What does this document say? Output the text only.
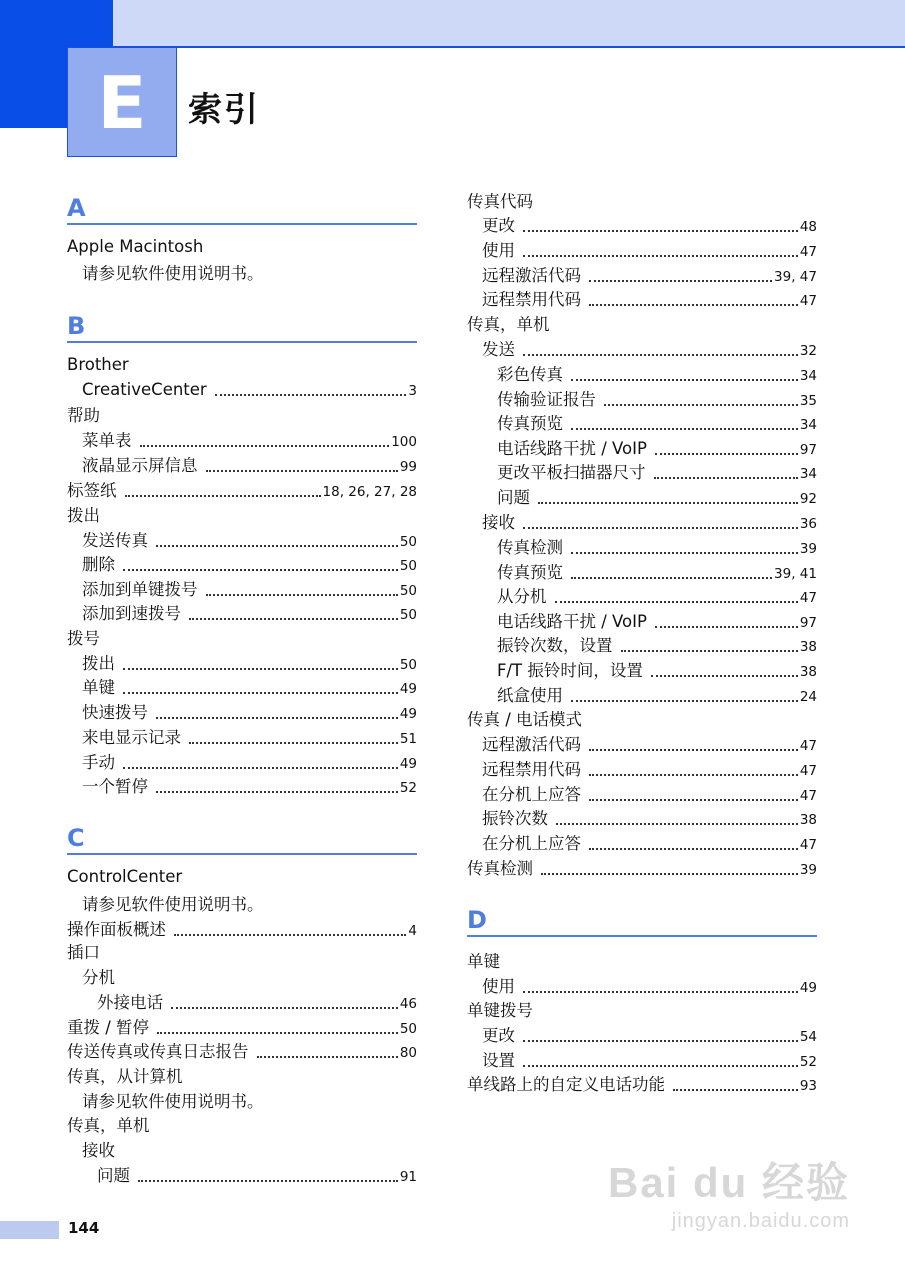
E	索引
A
Apple Macintosh
请参见软件使用说明书。
B
Brother
CreativeCenter	3
帮助
菜单表	100
液晶显示屏信息	99
标签纸	18, 26, 27, 28
拨出
发送传真	50
删除	50
添加到单键拨号	50
添加到速拨号	50
拨号
拨出	50
单键	49
快速拨号	49
来电显示记录	51
手动	49
一个暂停	52
C
ControlCenter
请参见软件使用说明书。
操作面板概述	4
插口
分机
外接电话	46
重拨 / 暂停	50
传送传真或传真日志报告	80
传真，从计算机
请参见软件使用说明书。
传真，单机
接收
问题	91
传真代码
更改	48
使用	47
远程激活代码	39, 47
远程禁用代码	47
传真，单机
发送	32
彩色传真	34
传输验证报告	35
传真预览	34
电话线路干扰 / VoIP	97
更改平板扫描器尺寸	34
问题	92
接收	36
传真检测	39
传真预览	39, 41
从分机	47
电话线路干扰 / VoIP	97
振铃次数，设置	38
F/T 振铃时间，设置	38
纸盒使用	24
传真 / 电话模式
远程激活代码	47
远程禁用代码	47
在分机上应答	47
振铃次数	38
在分机上应答	47
传真检测	39
D
单键
使用	49
单键拨号
更改	54
设置	52
单线路上的自定义电话功能	93
144
Bai du 经验
jingyan.baidu.com
